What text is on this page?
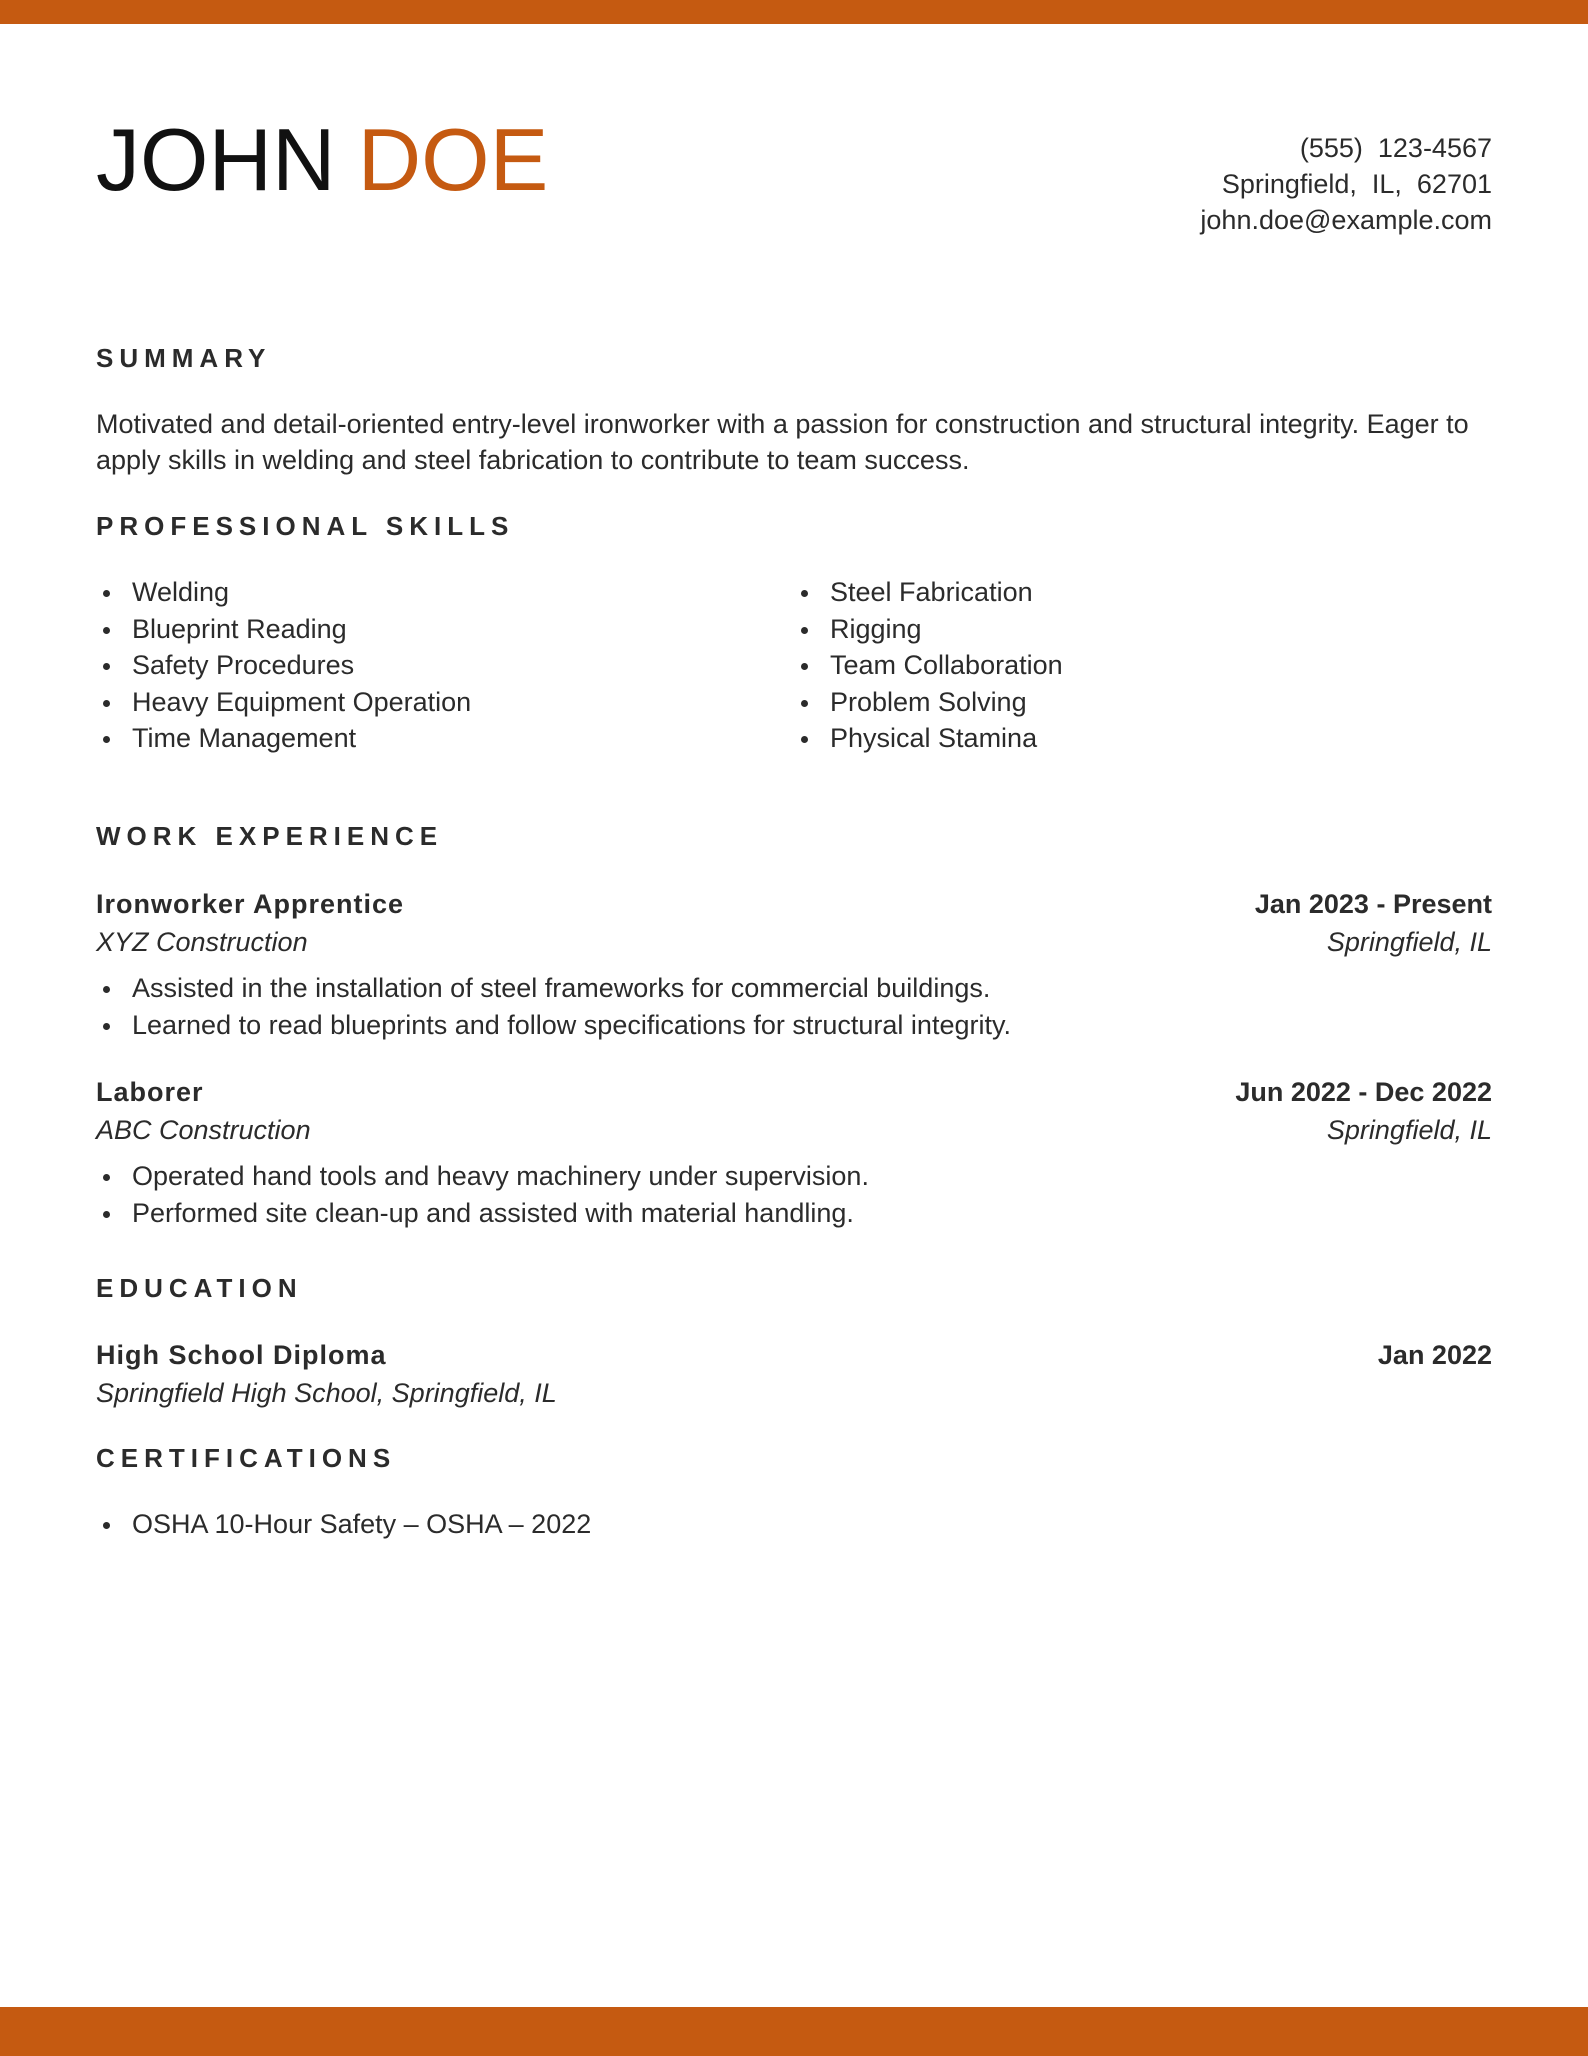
JOHN DOE	(555)  123-4567
Springfield,  IL,  62701
john.doe@example.com
SUMMARY
Motivated and detail-oriented entry-level ironworker with a passion for construction and structural integrity. Eager to apply skills in welding and steel fabrication to contribute to team success.
PROFESSIONAL SKILLS
Welding
Blueprint Reading
Safety Procedures
Heavy Equipment Operation
Time Management
Steel Fabrication
Rigging
Team Collaboration
Problem Solving
Physical Stamina
WORK EXPERIENCE
Ironworker Apprentice	Jan 2023 - Present
XYZ Construction	Springfield, IL
Assisted in the installation of steel frameworks for commercial buildings.
Learned to read blueprints and follow specifications for structural integrity.
Laborer	Jun 2022 - Dec 2022
ABC Construction	Springfield, IL
Operated hand tools and heavy machinery under supervision.
Performed site clean-up and assisted with material handling.
EDUCATION
High School Diploma	Jan 2022
Springfield High School, Springfield, IL
CERTIFICATIONS
OSHA 10-Hour Safety – OSHA – 2022
